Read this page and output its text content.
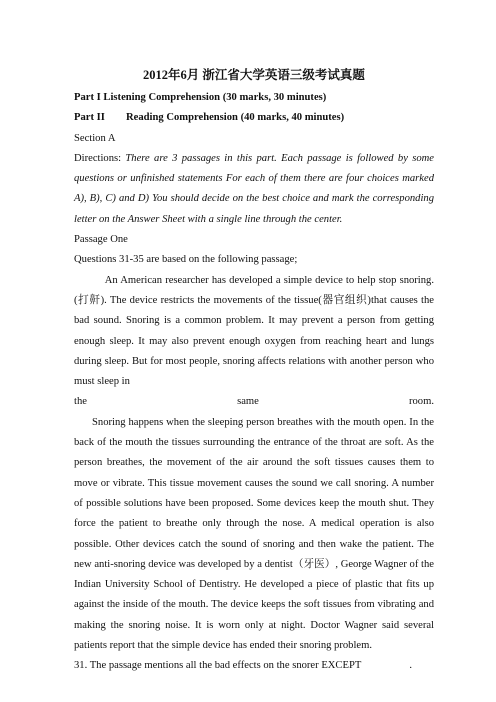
2012年6月 浙江省大学英语三级考试真题
Part I Listening Comprehension (30 marks, 30 minutes)
Part II	Reading Comprehension (40 marks, 40 minutes)
Section A
Directions: There are 3 passages in this part. Each passage is followed by some questions or unfinished statements For each of them there are four choices marked A), B), C) and D) You should decide on the best choice and mark the corresponding letter on the Answer Sheet with a single line through the center.
Passage One
Questions 31-35 are based on the following passage;
An American researcher has developed a simple device to help stop snoring.(打鼾). The device restricts the movements of the tissue(器官组织)that causes the bad sound. Snoring is a common problem. It may prevent a person from getting enough sleep. It may also prevent enough oxygen from reaching heart and lungs during sleep. But for most people, snoring affects relations with another person who must sleep in
the	same	room.
Snoring happens when the sleeping person breathes with the mouth open. In the back of the mouth the tissues surrounding the entrance of the throat are soft. As the person breathes, the movement of the air around the soft tissues causes them to move or vibrate. This tissue movement causes the sound we call snoring. A number of possible solutions have been proposed. Some devices keep the mouth shut. They force the patient to breathe only through the nose. A medical operation is also possible. Other devices catch the sound of snoring and then wake the patient. The new anti-snoring device was developed by a dentist（牙医）, George Wagner of the Indian University School of Dentistry. He developed a piece of plastic that fits up against the inside of the mouth. The device keeps the soft tissues from vibrating and making the snoring noise. It is worn only at night. Doctor Wagner said several patients report that the simple device has ended their snoring problem.
31. The passage mentions all the bad effects on the snorer EXCEPT	.
